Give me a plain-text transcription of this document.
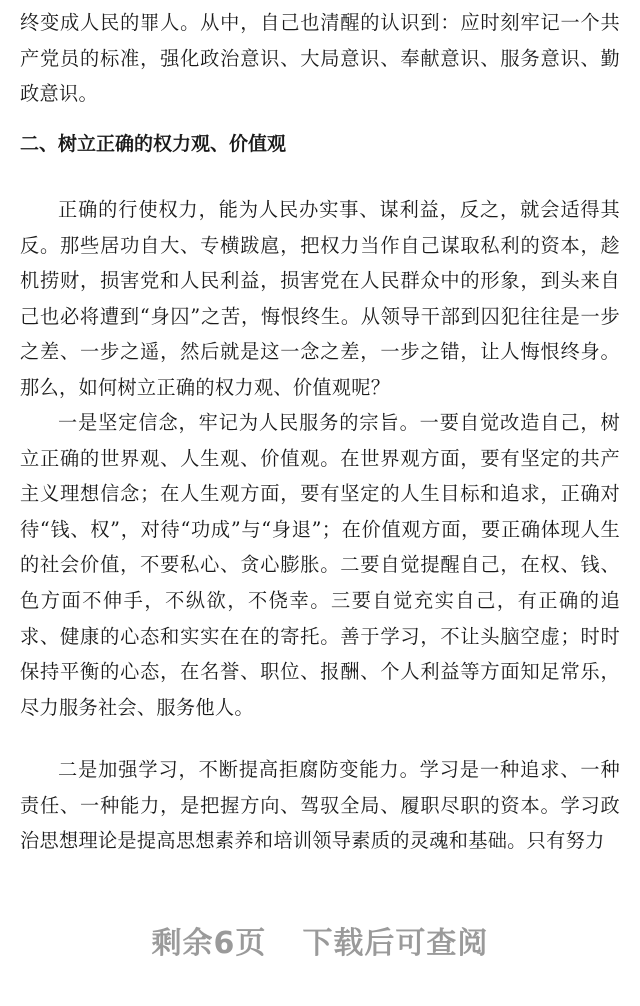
终变成人民的罪人。从中，自己也清醒的认识到：应时刻牢记一个共产党员的标准，强化政治意识、大局意识、奉献意识、服务意识、勤政意识。

二、树立正确的权力观、价值观

正确的行使权力，能为人民办实事、谋利益，反之，就会适得其反。那些居功自大、专横跋扈，把权力当作自己谋取私利的资本，趁机捞财，损害党和人民利益，损害党在人民群众中的形象，到头来自己也必将遭到“身囚”之苦，悔恨终生。从领导干部到囚犯往往是一步之差、一步之遥，然后就是这一念之差，一步之错，让人悔恨终身。那么，如何树立正确的权力观、价值观呢？

一是坚定信念，牢记为人民服务的宗旨。一要自觉改造自己，树立正确的世界观、人生观、价值观。在世界观方面，要有坚定的共产主义理想信念；在人生观方面，要有坚定的人生目标和追求，正确对待“钱、权”，对待“功成”与“身退”；在价值观方面，要正确体现人生的社会价值，不要私心、贪心膨胀。二要自觉提醒自己，在权、钱、色方面不伸手，不纵欲，不侥幸。三要自觉充实自己，有正确的追求、健康的心态和实实在在的寄托。善于学习，不让头脑空虚；时时保持平衡的心态，在名誉、职位、报酬、个人利益等方面知足常乐，尽力服务社会、服务他人。

二是加强学习，不断提高拒腐防变能力。学习是一种追求、一种责任、一种能力，是把握方向、驾驭全局、履职尽职的资本。学习政治思想理论是提高思想素养和培训领导素质的灵魂和基础。只有努力

剩余6页 下载后可查阅
